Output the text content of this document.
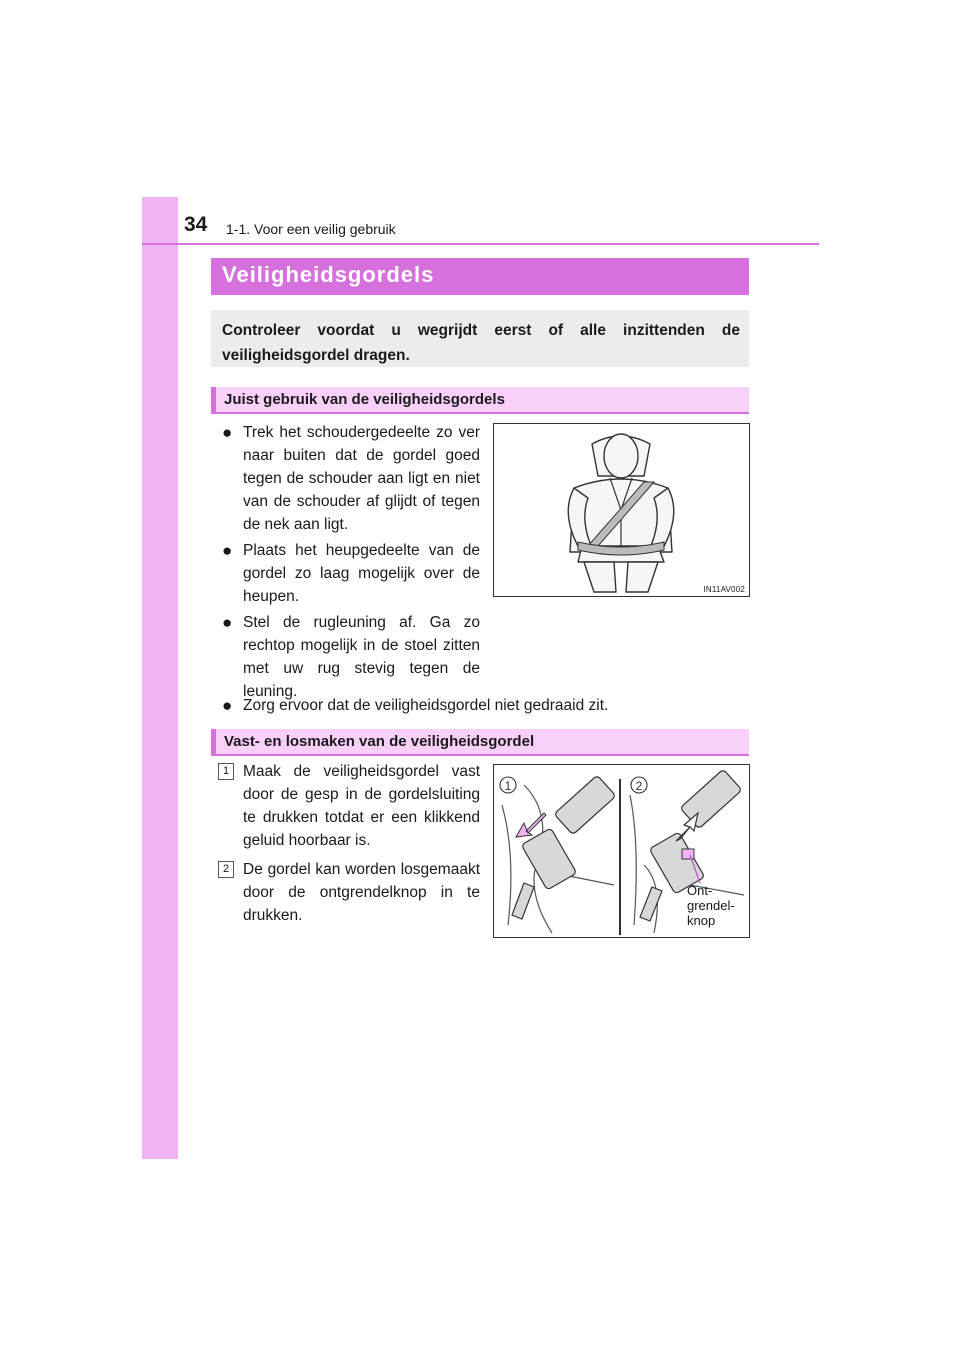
34 1-1. Voor een veilig gebruik
Veiligheidsgordels

Controleer voordat u wegrijdt eerst of alle inzittenden de veiligheidsgordel dragen.

Juist gebruik van de veiligheidsgordels
● Trek het schoudergedeelte zo ver naar buiten dat de gordel goed tegen de schouder aan ligt en niet van de schouder af glijdt of tegen de nek aan ligt.
● Plaats het heupgedeelte van de gordel zo laag mogelijk over de heupen.
● Stel de rugleuning af. Ga zo rechtop mogelijk in de stoel zitten met uw rug stevig tegen de leuning.
● Zorg ervoor dat de veiligheidsgordel niet gedraaid zit.
IN11AV002
Vast- en losmaken van de veiligheidsgordel
1 Maak de veiligheidsgordel vast door de gesp in de gordelsluiting te drukken totdat er een klikkend geluid hoorbaar is.
2 De gordel kan worden losgemaakt door de ontgrendelknop in te drukken.
1	2
Ont-
grendel-
knop
